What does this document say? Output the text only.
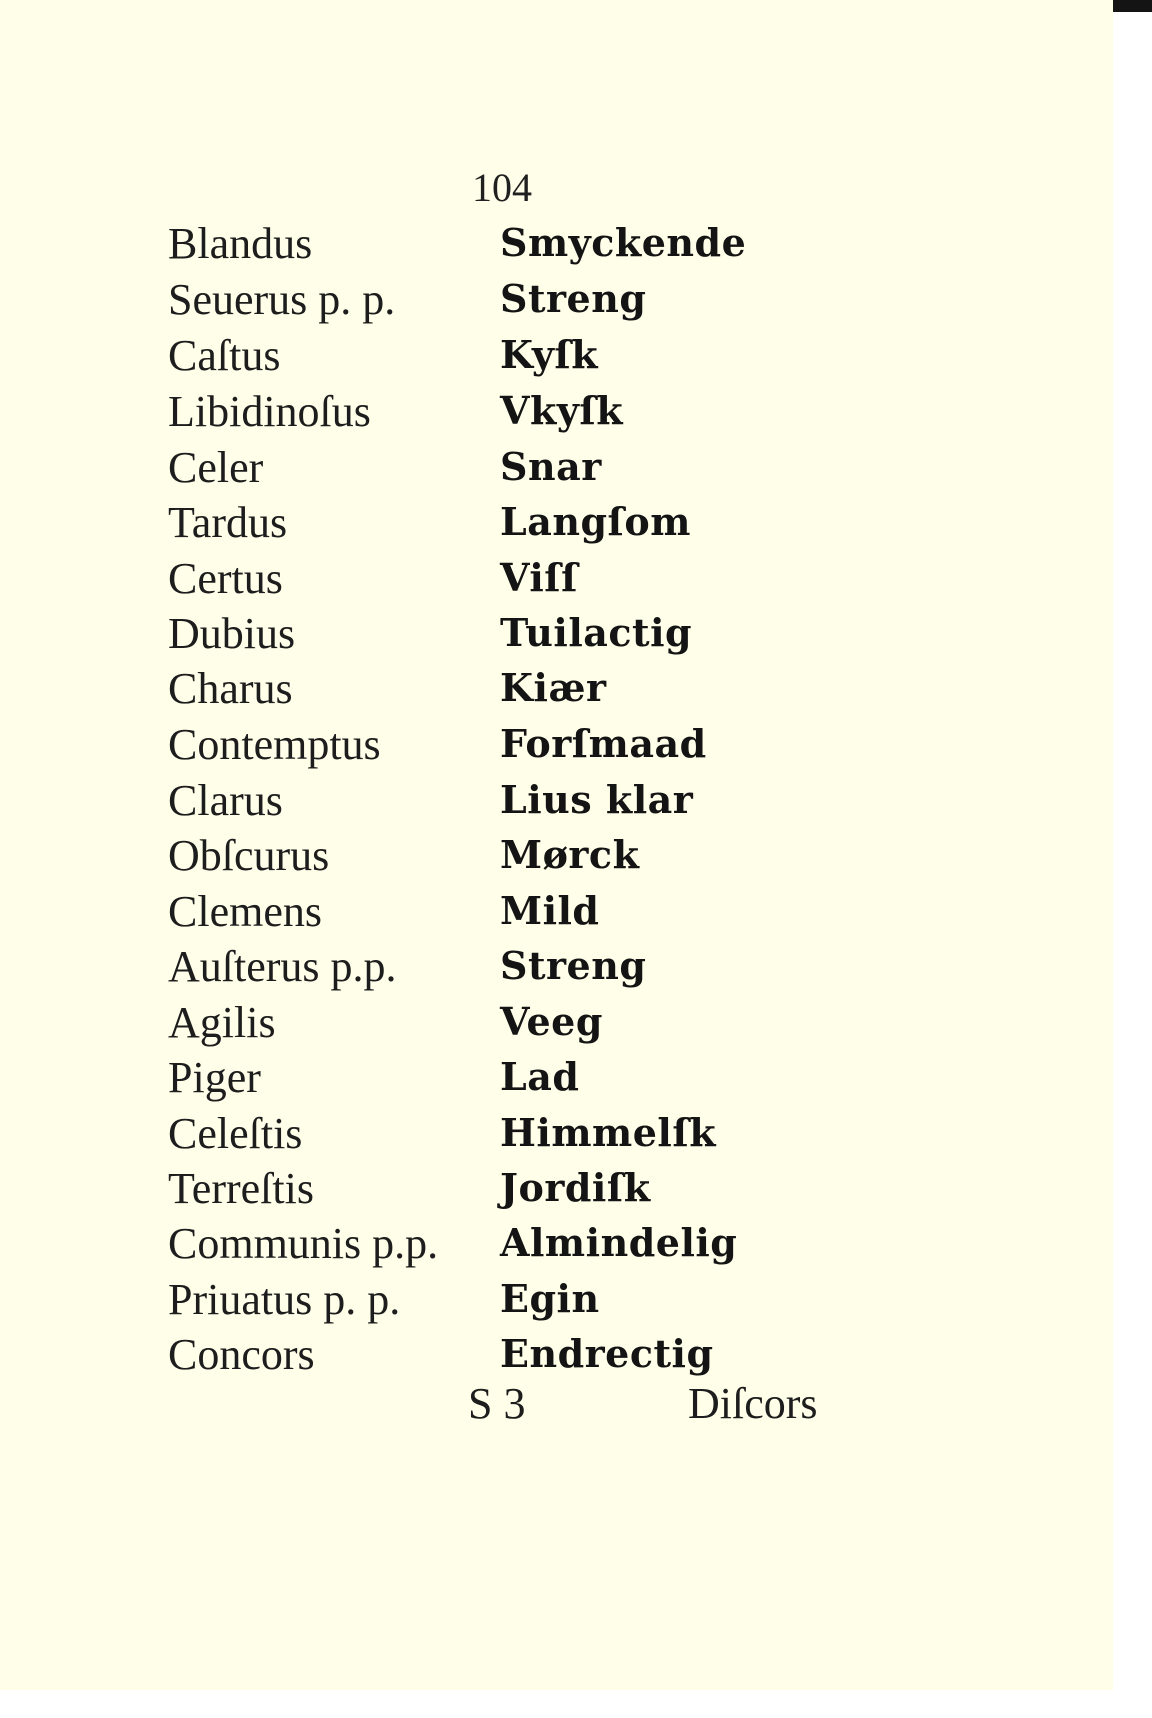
104
Blandus	Smyckende
Seuerus p. p.	Streng
Caſtus	Kyſk
Libidinoſus	Vkyſk
Celer	Snar
Tardus	Langſom
Certus	Viſſ
Dubius	Tuilactig
Charus	Kiær
Contemptus	Forſmaad
Clarus	Lius klar
Obſcurus	Mørck
Clemens	Mild
Auſterus p.p.	Streng
Agilis	Veeg
Piger	Lad
Celeſtis	Himmelſk
Terreſtis	Jordiſk
Communis p.p. Almindelig
Priuatus p. p.	Egin
Concors	Endrectig
S 3	Diſcors
